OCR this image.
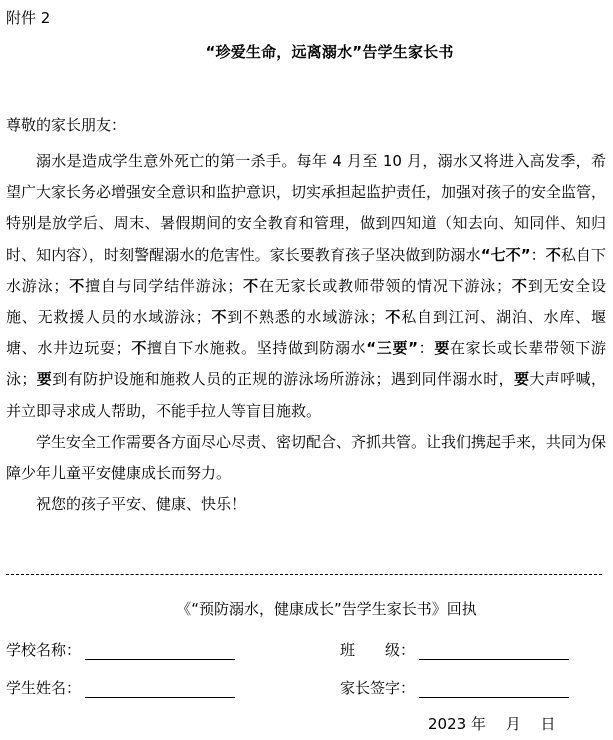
附件 2
“珍爱生命，远离溺水”告学生家长书
尊敬的家长朋友：

溺水是造成学生意外死亡的第一杀手。每年 4 月至 10 月，溺水又将进入高发季，希望广大家长务必增强安全意识和监护意识，切实承担起监护责任，加强对孩子的安全监管，特别是放学后、周末、暑假期间的安全教育和管理，做到四知道（知去向、知同伴、知归时、知内容），时刻警醒溺水的危害性。家长要教育孩子坚决做到防溺水“七不”：不私自下水游泳；不擅自与同学结伴游泳；不在无家长或教师带领的情况下游泳；不到无安全设施、无救援人员的水域游泳；不到不熟悉的水域游泳；不私自到江河、湖泊、水库、堰塘、水井边玩耍；不擅自下水施救。坚持做到防溺水“三要”：要在家长或长辈带领下游泳；要到有防护设施和施救人员的正规的游泳场所游泳；遇到同伴溺水时，要大声呼喊，并立即寻求成人帮助，不能手拉人等盲目施救。

学生安全工作需要各方面尽心尽责、密切配合、齐抓共管。让我们携起手来，共同为保障少年儿童平安健康成长而努力。

祝您的孩子平安、健康、快乐！

《“预防溺水，健康成长”告学生家长书》回执
学校名称：	班　　级：
学生姓名：	家长签字：
2023 年　 月　 日
